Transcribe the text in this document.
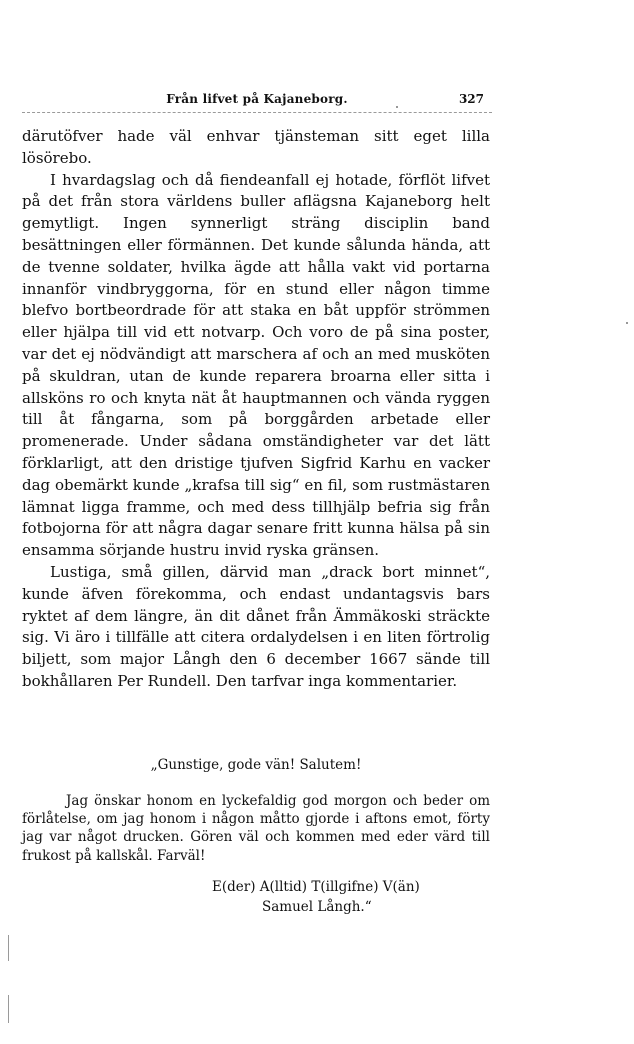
Från lifvet på Kajaneborg.	327

därutöfver hade väl enhvar tjänsteman sitt eget lilla lösörebo.

I hvardagslag och då fiendeanfall ej hotade, förflöt lifvet på det från stora världens buller aflägsna Kajaneborg helt gemytligt. Ingen synnerligt sträng disciplin band besättningen eller förmännen. Det kunde sålunda hända, att de tvenne soldater, hvilka ägde att hålla vakt vid portarna innanför vindbryggorna, för en stund eller någon timme blefvo bortbeordrade för att staka en båt uppför strömmen eller hjälpa till vid ett notvarp. Och voro de på sina poster, var det ej nödvändigt att marschera af och an med musköten på skuldran, utan de kunde reparera broarna eller sitta i allsköns ro och knyta nät åt hauptmannen och vända ryggen till åt fångarna, som på borggården arbetade eller promenerade. Under sådana omständigheter var det lätt förklarligt, att den dristige tjufven Sigfrid Karhu en vacker dag obemärkt kunde „krafsa till sig“ en fil, som rustmästaren lämnat ligga framme, och med dess tillhjälp befria sig från fotbojorna för att några dagar senare fritt kunna hälsa på sin ensamma sörjande hustru invid ryska gränsen.

Lustiga, små gillen, därvid man „drack bort minnet“, kunde äfven förekomma, och endast undantagsvis bars ryktet af dem längre, än dit dånet från Ämmäkoski sträckte sig. Vi äro i tillfälle att citera ordalydelsen i en liten förtrolig biljett, som major Långh den 6 december 1667 sände till bokhållaren Per Rundell. Den tarfvar inga kommentarier.

„Gunstige, gode vän! Salutem!

Jag önskar honom en lyckefaldig god morgon och beder om förlåtelse, om jag honom i någon måtto gjorde i aftons emot, förty jag var något drucken. Gören väl och kommen med eder värd till frukost på kallskål. Farväl!

E(der) A(lltid) T(illgifne) V(än)
Samuel Långh.“
